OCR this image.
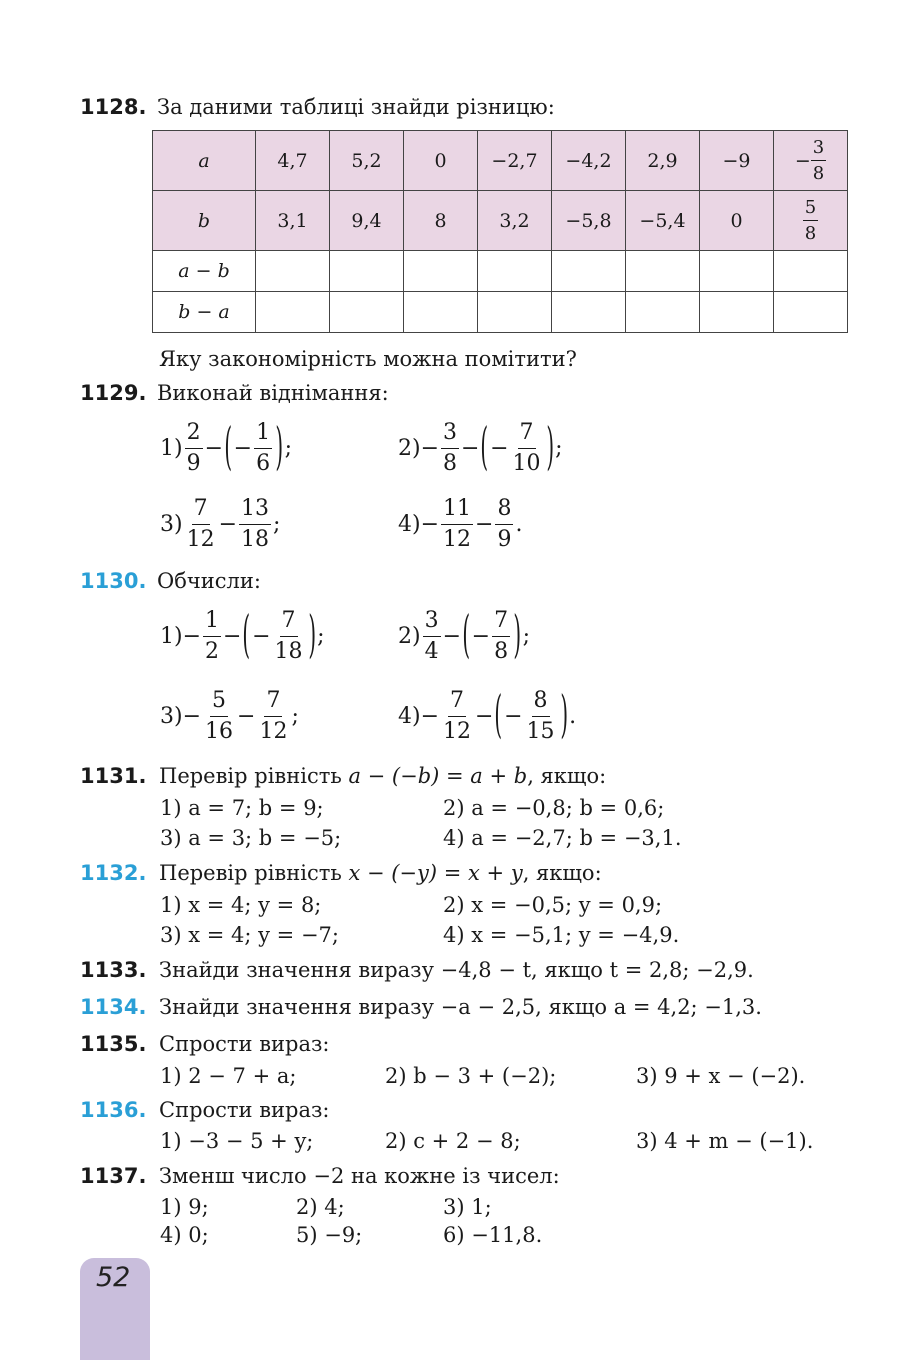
1128. За даними таблиці знайди різницю:
a	4,7	5,2	0	−2,7	−4,2	2,9	−9	− $\frac{3}{8}$

b	3,1	9,4	8	3,2	−5,8	−5,4	0	$\frac{5}{8}$

a − b								
b − a								
Яку закономірність можна помітити?
1129. Виконай віднімання:
$1) \frac{2}{9}$ − ( − $\frac{1}{6}$ ) ;	$2) - \frac{3}{8}$ − ( − $\frac{7}{10}$ ) ;
$3) \frac{7}{12} - \frac{13}{18}$ ;	$4) - \frac{11}{12} - \frac{8}{9}$ .
1130. Обчисли:
$1) - \frac{1}{2}$ − ( − $\frac{7}{18}$ ) ;	$2) \frac{3}{4}$ − ( − $\frac{7}{8}$ ) ;
$3) - \frac{5}{16} - \frac{7}{12}$ ;	$4) - \frac{7}{12}$ − ( − $\frac{8}{15}$ ) .
1131. Перевір рівність a − (−b) = a + b, якщо:
1) a = 7; b = 9;	2) a = −0,8; b = 0,6;
3) a = 3; b = −5;	4) a = −2,7; b = −3,1.
1132. Перевір рівність x − (−y) = x + y, якщо:
1) x = 4; y = 8;	2) x = −0,5; y = 0,9;
3) x = 4; y = −7;	4) x = −5,1; y = −4,9.
1133. Знайди значення виразу −4,8 − t, якщо t = 2,8; −2,9.
1134. Знайди значення виразу −a − 2,5, якщо a = 4,2; −1,3.
1135. Спрости вираз:
1) 2 − 7 + a;	2) b − 3 + (−2);	3) 9 + x − (−2).
1136. Спрости вираз:
1) −3 − 5 + y;	2) c + 2 − 8;	3) 4 + m − (−1).
1137. Зменш число −2 на кожне із чисел:
1) 9;	2) 4;	3) 1;
4) 0;	5) −9;	6) −11,8.
52
